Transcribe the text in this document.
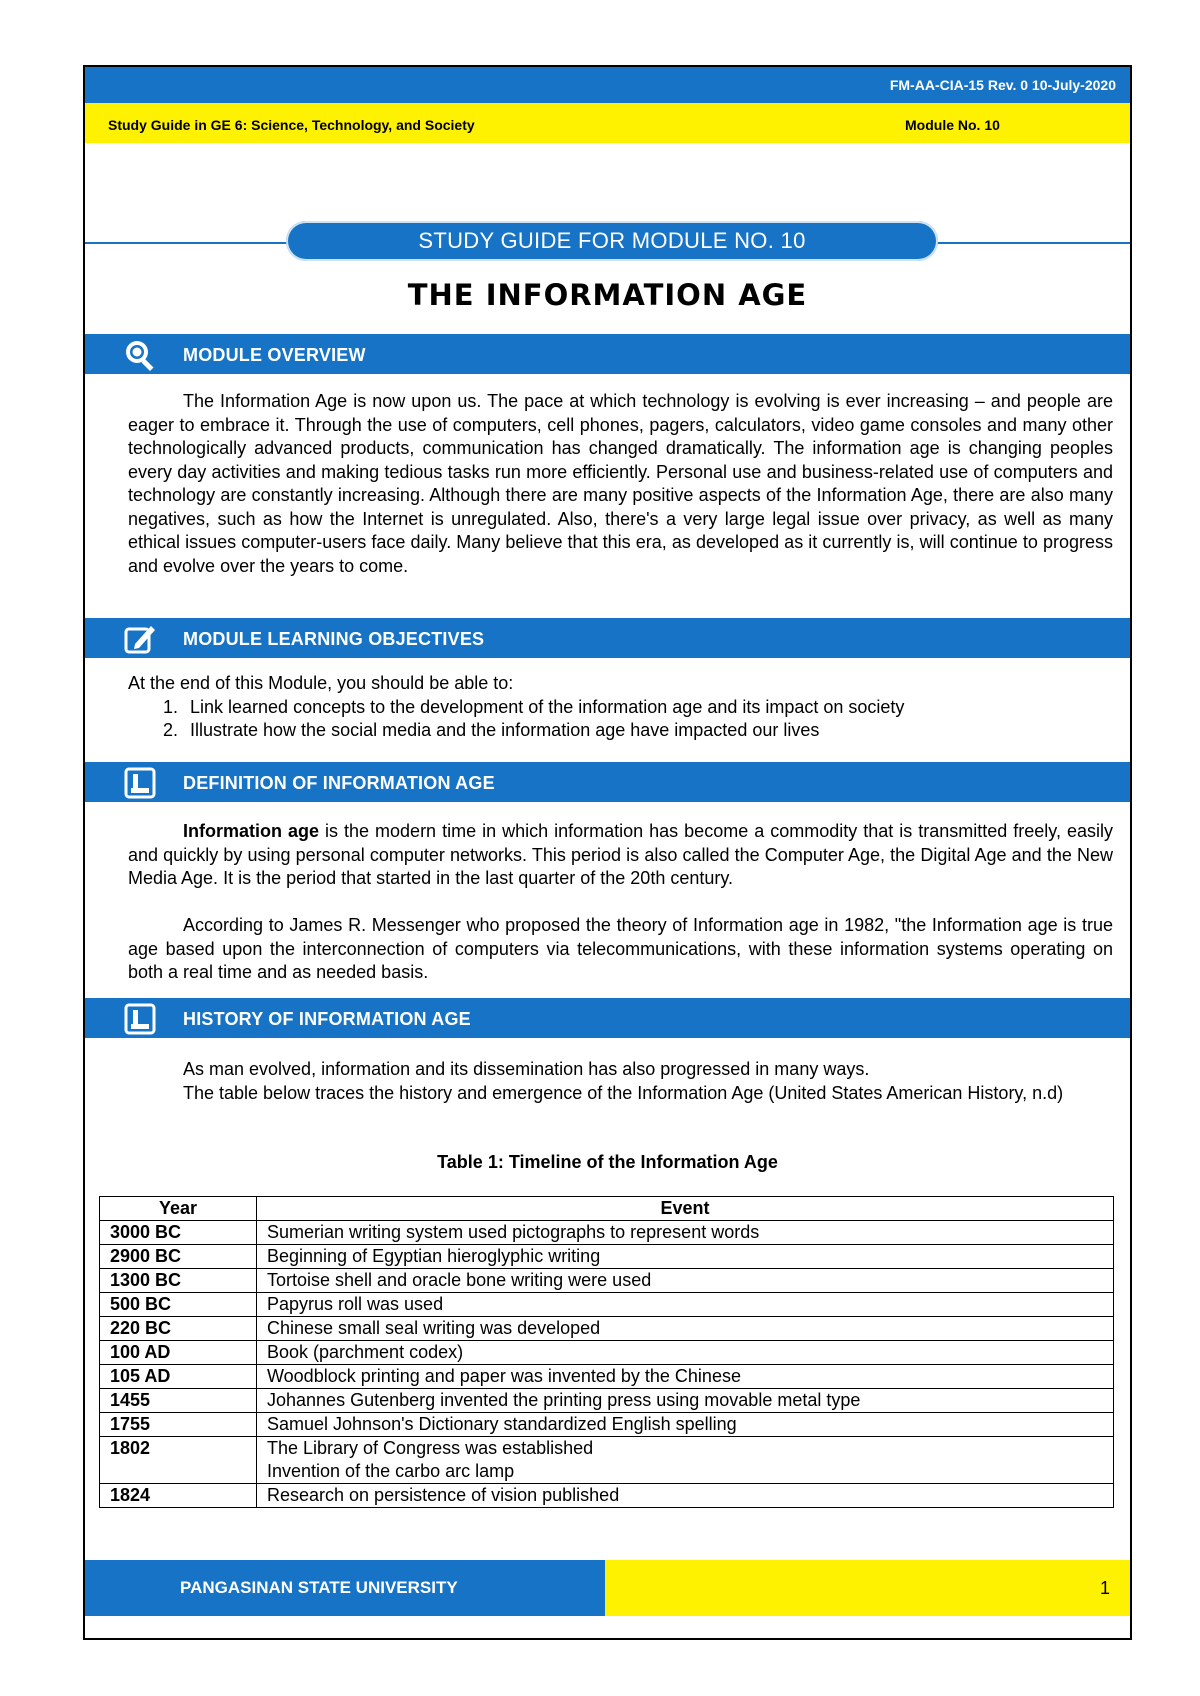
FM-AA-CIA-15 Rev. 0 10-July-2020
Study Guide in GE 6: Science, Technology, and Society	Module No. 10
STUDY GUIDE FOR MODULE NO. 10
THE INFORMATION AGE
MODULE OVERVIEW
The Information Age is now upon us. The pace at which technology is evolving is ever increasing – and people are eager to embrace it. Through the use of computers, cell phones, pagers, calculators, video game consoles and many other technologically advanced products, communication has changed dramatically. The information age is changing peoples every day activities and making tedious tasks run more efficiently. Personal use and business-related use of computers and technology are constantly increasing. Although there are many positive aspects of the Information Age, there are also many negatives, such as how the Internet is unregulated. Also, there's a very large legal issue over privacy, as well as many ethical issues computer-users face daily. Many believe that this era, as developed as it currently is, will continue to progress and evolve over the years to come.
MODULE LEARNING OBJECTIVES
At the end of this Module, you should be able to:
1. Link learned concepts to the development of the information age and its impact on society
2. Illustrate how the social media and the information age have impacted our lives
DEFINITION OF INFORMATION AGE
Information age is the modern time in which information has become a commodity that is transmitted freely, easily and quickly by using personal computer networks. This period is also called the Computer Age, the Digital Age and the New Media Age. It is the period that started in the last quarter of the 20th century.
According to James R. Messenger who proposed the theory of Information age in 1982, "the Information age is true age based upon the interconnection of computers via telecommunications, with these information systems operating on both a real time and as needed basis.
HISTORY OF INFORMATION AGE
As man evolved, information and its dissemination has also progressed in many ways.
The table below traces the history and emergence of the Information Age (United States American History, n.d)
Table 1: Timeline of the Information Age
Year	Event
3000 BC	Sumerian writing system used pictographs to represent words

2900 BC	Beginning of Egyptian hieroglyphic writing

1300 BC	Tortoise shell and oracle bone writing were used

500 BC	Papyrus roll was used

220 BC	Chinese small seal writing was developed

100 AD	Book (parchment codex)

105 AD	Woodblock printing and paper was invented by the Chinese

1455	Johannes Gutenberg invented the printing press using movable metal type

1755	Samuel Johnson's Dictionary standardized English spelling

1802	The Library of Congress was established
Invention of the carbo arc lamp

1824	Research on persistence of vision published
PANGASINAN STATE UNIVERSITY	1
